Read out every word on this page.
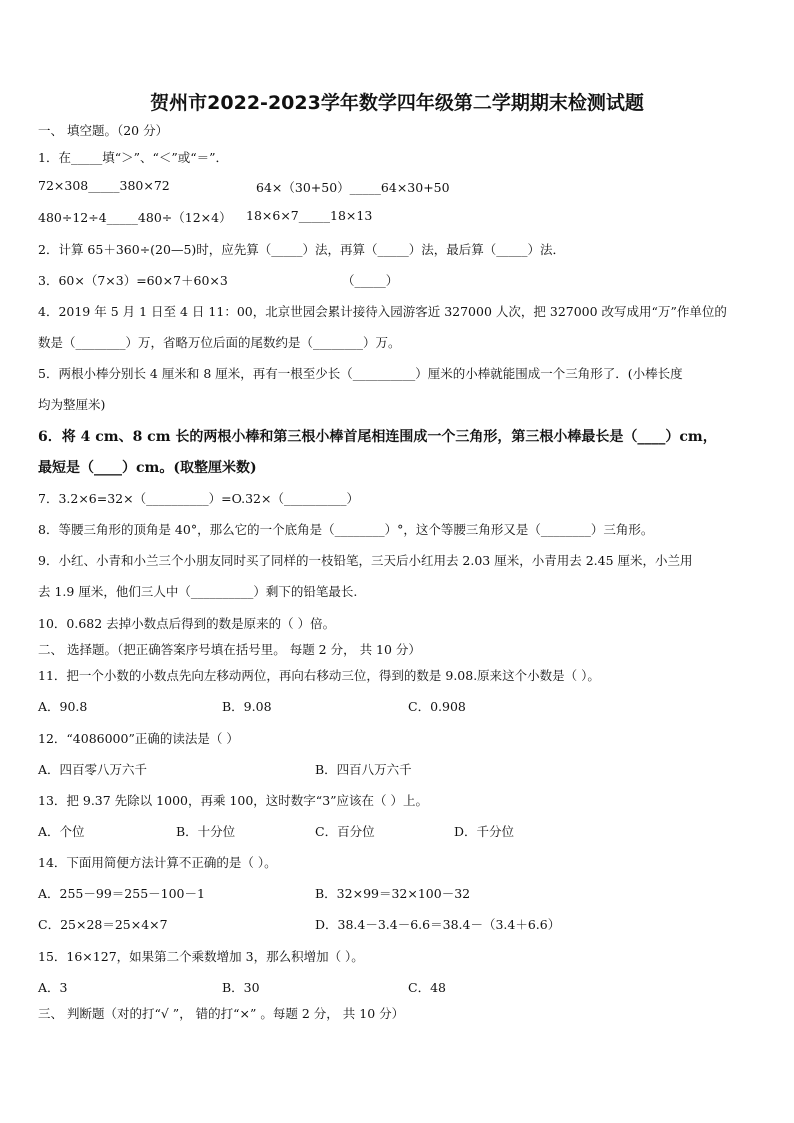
贺州市2022-2023学年数学四年级第二学期期末检测试题
一、 填空题。（20 分）
1．在_____填“＞”、“＜”或“＝”．
72×308_____380×72	64×（30+50）_____64×30+50
480÷12÷4_____480÷（12×4） 18×6×7_____18×13
2．计算 65＋360÷(20—5)时，应先算（_____）法，再算（_____）法，最后算（_____）法．
3．60×（7×3）=60×7＋60×3	（_____）
4．2019 年 5 月 1 日至 4 日 11：00，北京世园会累计接待入园游客近 327000 人次，把 327000 改写成用“万”作单位的
数是（________）万，省略万位后面的尾数约是（________）万。
5．两根小棒分别长 4 厘米和 8 厘米，再有一根至少长（__________）厘米的小棒就能围成一个三角形了．(小棒长度
均为整厘米)
6．将 4 cm、8 cm 长的两根小棒和第三根小棒首尾相连围成一个三角形，第三根小棒最长是（____）cm，
最短是（____）cm。(取整厘米数)
7．3.2×6=32×（__________）=O.32×（__________）
8．等腰三角形的顶角是 40°，那么它的一个底角是（________）°，这个等腰三角形又是（________）三角形。
9．小红、小青和小兰三个小朋友同时买了同样的一枝铅笔，三天后小红用去 2.03 厘米，小青用去 2.45 厘米，小兰用
去 1.9 厘米，他们三人中（__________）剩下的铅笔最长.
10．0.682 去掉小数点后得到的数是原来的（ ）倍。
二、 选择题。（把正确答案序号填在括号里。 每题 2 分， 共 10 分）
11．把一个小数的小数点先向左移动两位，再向右移动三位，得到的数是 9.08.原来这个小数是（ ）。
A．90.8	B．9.08	C．0.908
12．“4086000”正确的读法是（ ）
A．四百零八万六千	B．四百八万六千
13．把 9.37 先除以 1000，再乘 100，这时数字“3”应该在（ ）上。
A．个位	B．十分位	C．百分位	D．千分位
14．下面用简便方法计算不正确的是（ ）。
A．255－99＝255－100－1	B．32×99＝32×100－32
C．25×28＝25×4×7	D．38.4－3.4－6.6＝38.4－（3.4＋6.6）
15．16×127，如果第二个乘数增加 3，那么积增加（ ）。
A．3	B．30	C．48
三、 判断题（对的打“√ ”， 错的打“×” 。每题 2 分， 共 10 分）
